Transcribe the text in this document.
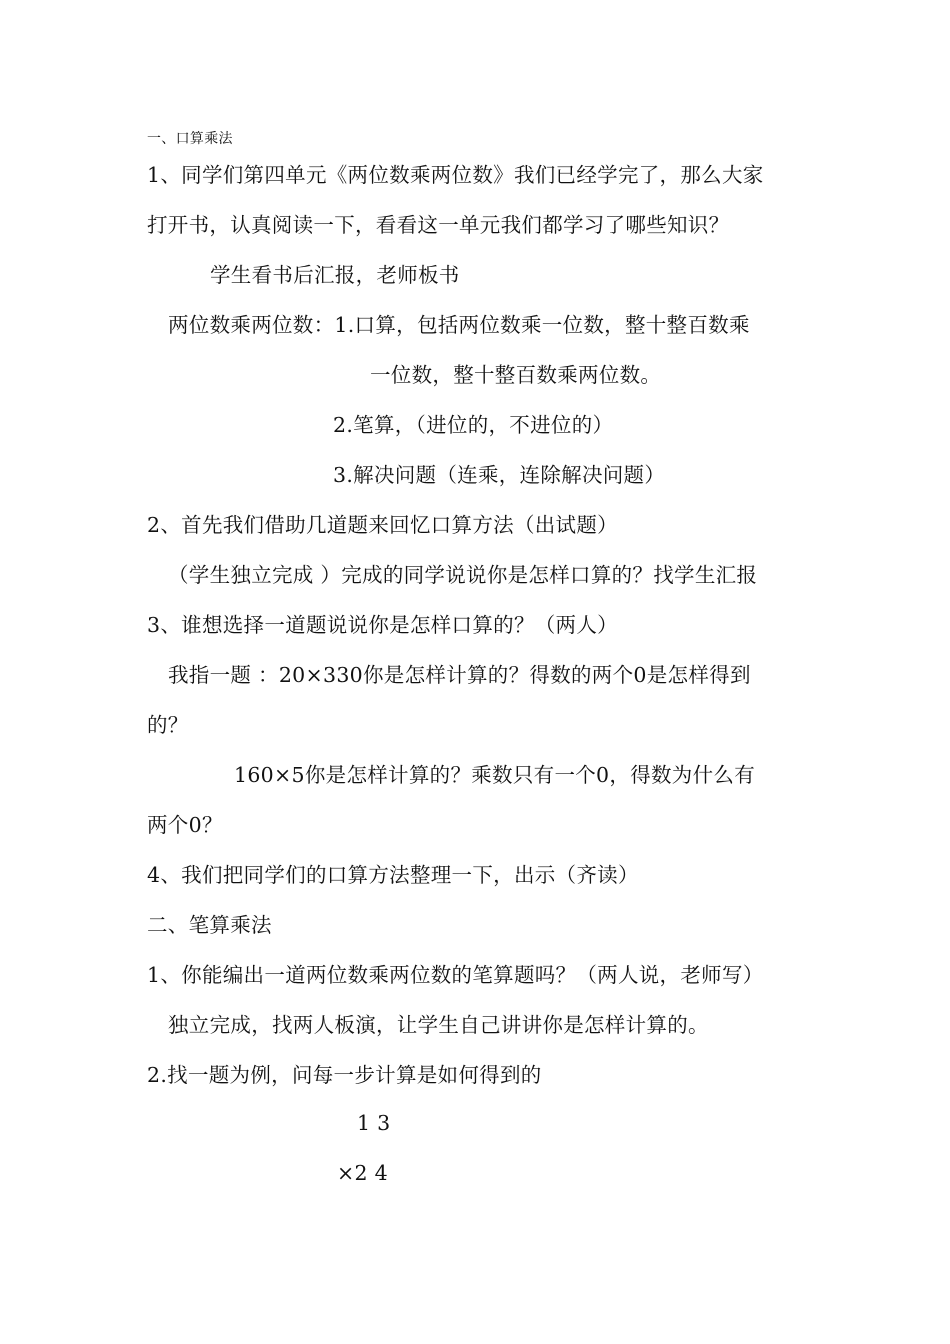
一、口算乘法
1、同学们第四单元《两位数乘两位数》我们已经学完了，那么大家
打开书，认真阅读一下，看看这一单元我们都学习了哪些知识？
学生看书后汇报，老师板书
两位数乘两位数：1.口算，包括两位数乘一位数，整十整百数乘
一位数，整十整百数乘两位数。
2.笔算，（进位的，不进位的）
3.解决问题（连乘，连除解决问题）
2、首先我们借助几道题来回忆口算方法（出试题）
（学生独立完成 ）完成的同学说说你是怎样口算的？找学生汇报
3、谁想选择一道题说说你是怎样口算的？（两人）
我指一题 ：20×330你是怎样计算的？得数的两个0是怎样得到
的？
160×5你是怎样计算的？乘数只有一个0，得数为什么有
两个0？
4、我们把同学们的口算方法整理一下，出示（齐读）
二、笔算乘法
1、你能编出一道两位数乘两位数的笔算题吗？（两人说，老师写）
独立完成，找两人板演，让学生自己讲讲你是怎样计算的。
2.找一题为例，问每一步计算是如何得到的
1 3
×2 4
